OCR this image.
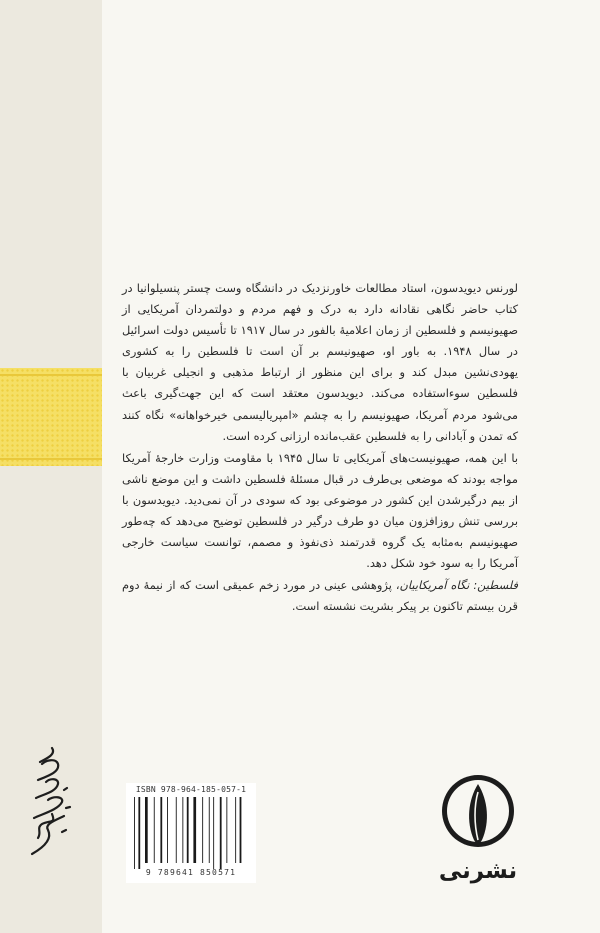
لورنس دیویدسون، استاد مطالعات خاورنزدیک در دانشگاه وست چستر پنسیلوانیا در کتاب حاضر نگاهی نقادانه دارد به درک و فهم مردم و دولتمردان آمریکایی از صهیونیسم و فلسطین از زمان اعلامیهٔ بالفور در سال ۱۹۱۷ تا تأسیس دولت اسرائیل در سال ۱۹۴۸. به باور او، صهیونیسم بر آن است تا فلسطین را به کشوری یهودی‌نشین مبدل کند و برای این منظور از ارتباط مذهبی و انجیلی غربیان با فلسطین سوءاستفاده می‌کند. دیویدسون معتقد است که این جهت‌گیری باعث می‌شود مردم آمریکا، صهیونیسم را به چشم «امپریالیسمی خیرخواهانه» نگاه کنند که تمدن و آبادانی را به فلسطین عقب‌مانده ارزانی کرده است.

با این همه، صهیونیست‌های آمریکایی تا سال ۱۹۴۵ با مقاومت وزارت خارجهٔ آمریکا مواجه بودند که موضعی بی‌طرف در قبال مسئلهٔ فلسطین داشت و این موضع ناشی از بیم درگیرشدن این کشور در موضوعی بود که سودی در آن نمی‌دید. دیویدسون با بررسی تنش روزافزون میان دو طرف درگیر در فلسطین توضیح می‌دهد که چه‌طور صهیونیسم به‌مثابه یک گروه قدرتمند ذی‌نفوذ و مصمم، توانست سیاست خارجی آمریکا را به سود خود شکل دهد.

فلسطین: نگاه آمریکاییان، پژوهشی عینی در مورد زخم عمیقی است که از نیمهٔ دوم قرن بیستم تاکنون بر پیکر بشریت نشسته است.

ISBN 978-964-185-057-1
9 789641 850571	نشرنی
